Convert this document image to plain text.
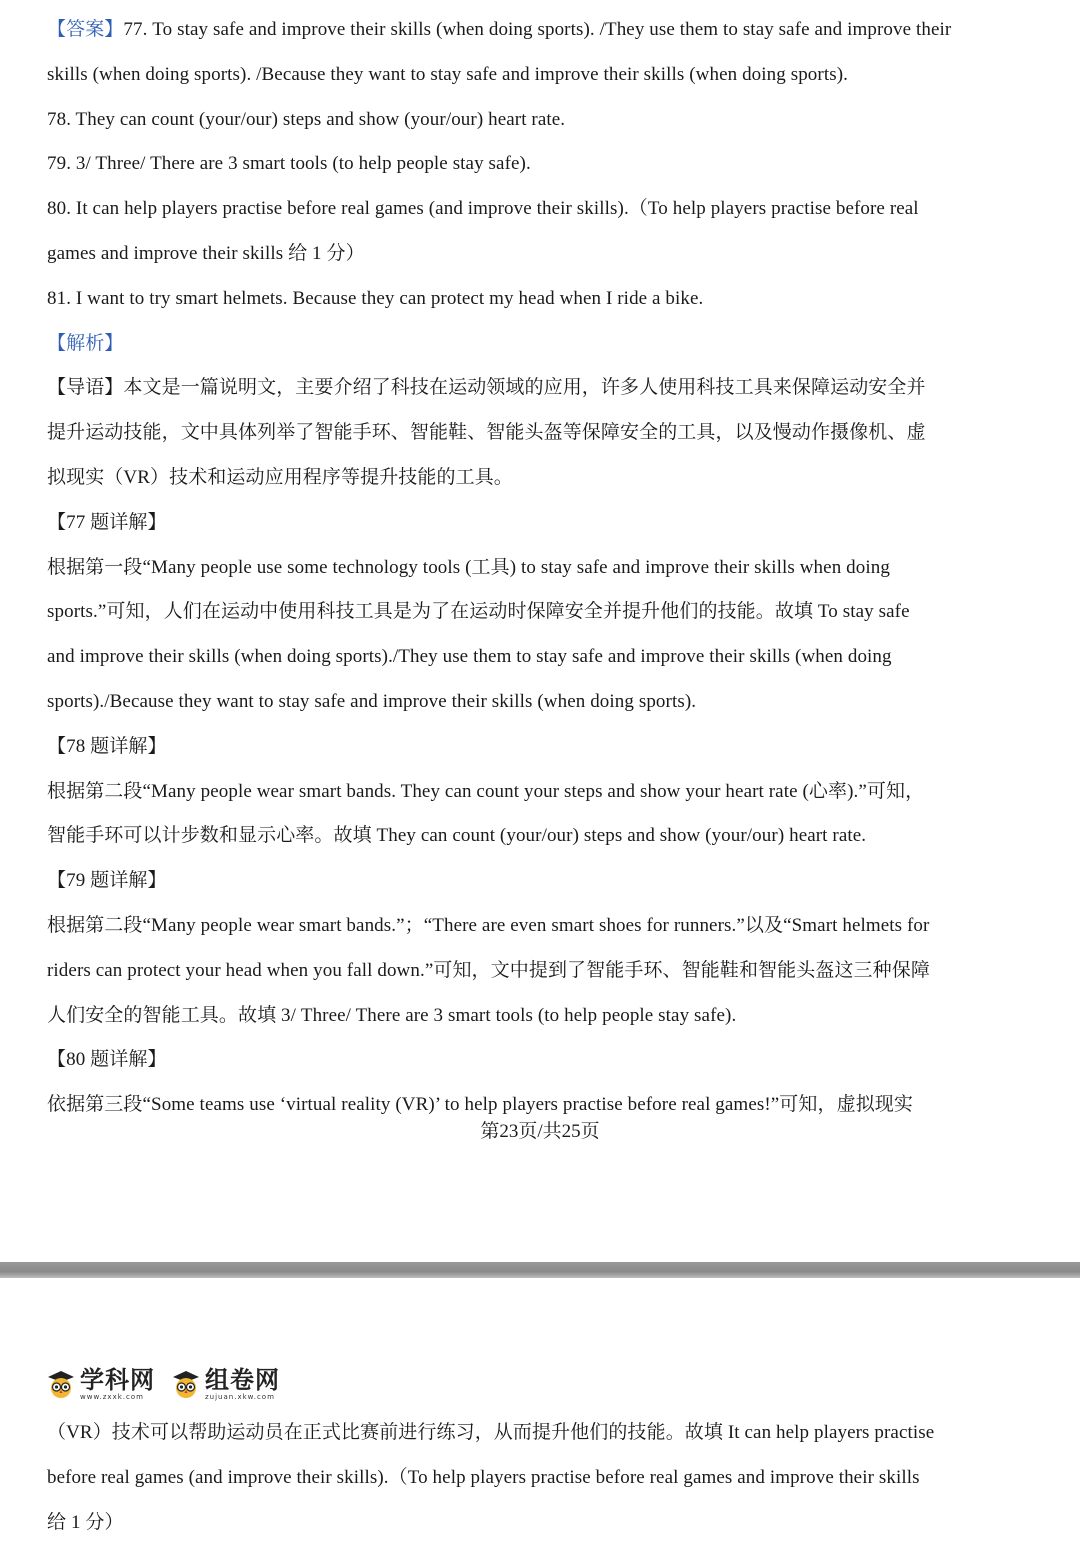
【答案】77. To stay safe and improve their skills (when doing sports). /They use them to stay safe and improve their
skills (when doing sports). /Because they want to stay safe and improve their skills (when doing sports).
78. They can count (your/our) steps and show (your/our) heart rate.
79. 3/ Three/ There are 3 smart tools (to help people stay safe).
80. It can help players practise before real games (and improve their skills).（To help players practise before real
games and improve their skills 给 1 分）
81. I want to try smart helmets. Because they can protect my head when I ride a bike.
【解析】
【导语】本文是一篇说明文，主要介绍了科技在运动领域的应用，许多人使用科技工具来保障运动安全并
提升运动技能，文中具体列举了智能手环、智能鞋、智能头盔等保障安全的工具，以及慢动作摄像机、虚
拟现实（VR）技术和运动应用程序等提升技能的工具。
【77 题详解】
根据第一段“Many people use some technology tools (工具) to stay safe and improve their skills when doing
sports.”可知，人们在运动中使用科技工具是为了在运动时保障安全并提升他们的技能。故填 To stay safe
and improve their skills (when doing sports)./They use them to stay safe and improve their skills (when doing
sports)./Because they want to stay safe and improve their skills (when doing sports).
【78 题详解】
根据第二段“Many people wear smart bands. They can count your steps and show your heart rate (心率).”可知，
智能手环可以计步数和显示心率。故填 They can count (your/our) steps and show (your/our) heart rate.
【79 题详解】
根据第二段“Many people wear smart bands.”；“There are even smart shoes for runners.”以及“Smart helmets for
riders can protect your head when you fall down.”可知，文中提到了智能手环、智能鞋和智能头盔这三种保障
人们安全的智能工具。故填 3/ Three/ There are 3 smart tools (to help people stay safe).
【80 题详解】
依据第三段“Some teams use ‘virtual reality (VR)’ to help players practise before real games!”可知，虚拟现实
第23页/共25页
学科网
www.zxxk.com
组卷网
zujuan.xkw.com
（VR）技术可以帮助运动员在正式比赛前进行练习，从而提升他们的技能。故填 It can help players practise
before real games (and improve their skills).（To help players practise before real games and improve their skills
给 1 分）
